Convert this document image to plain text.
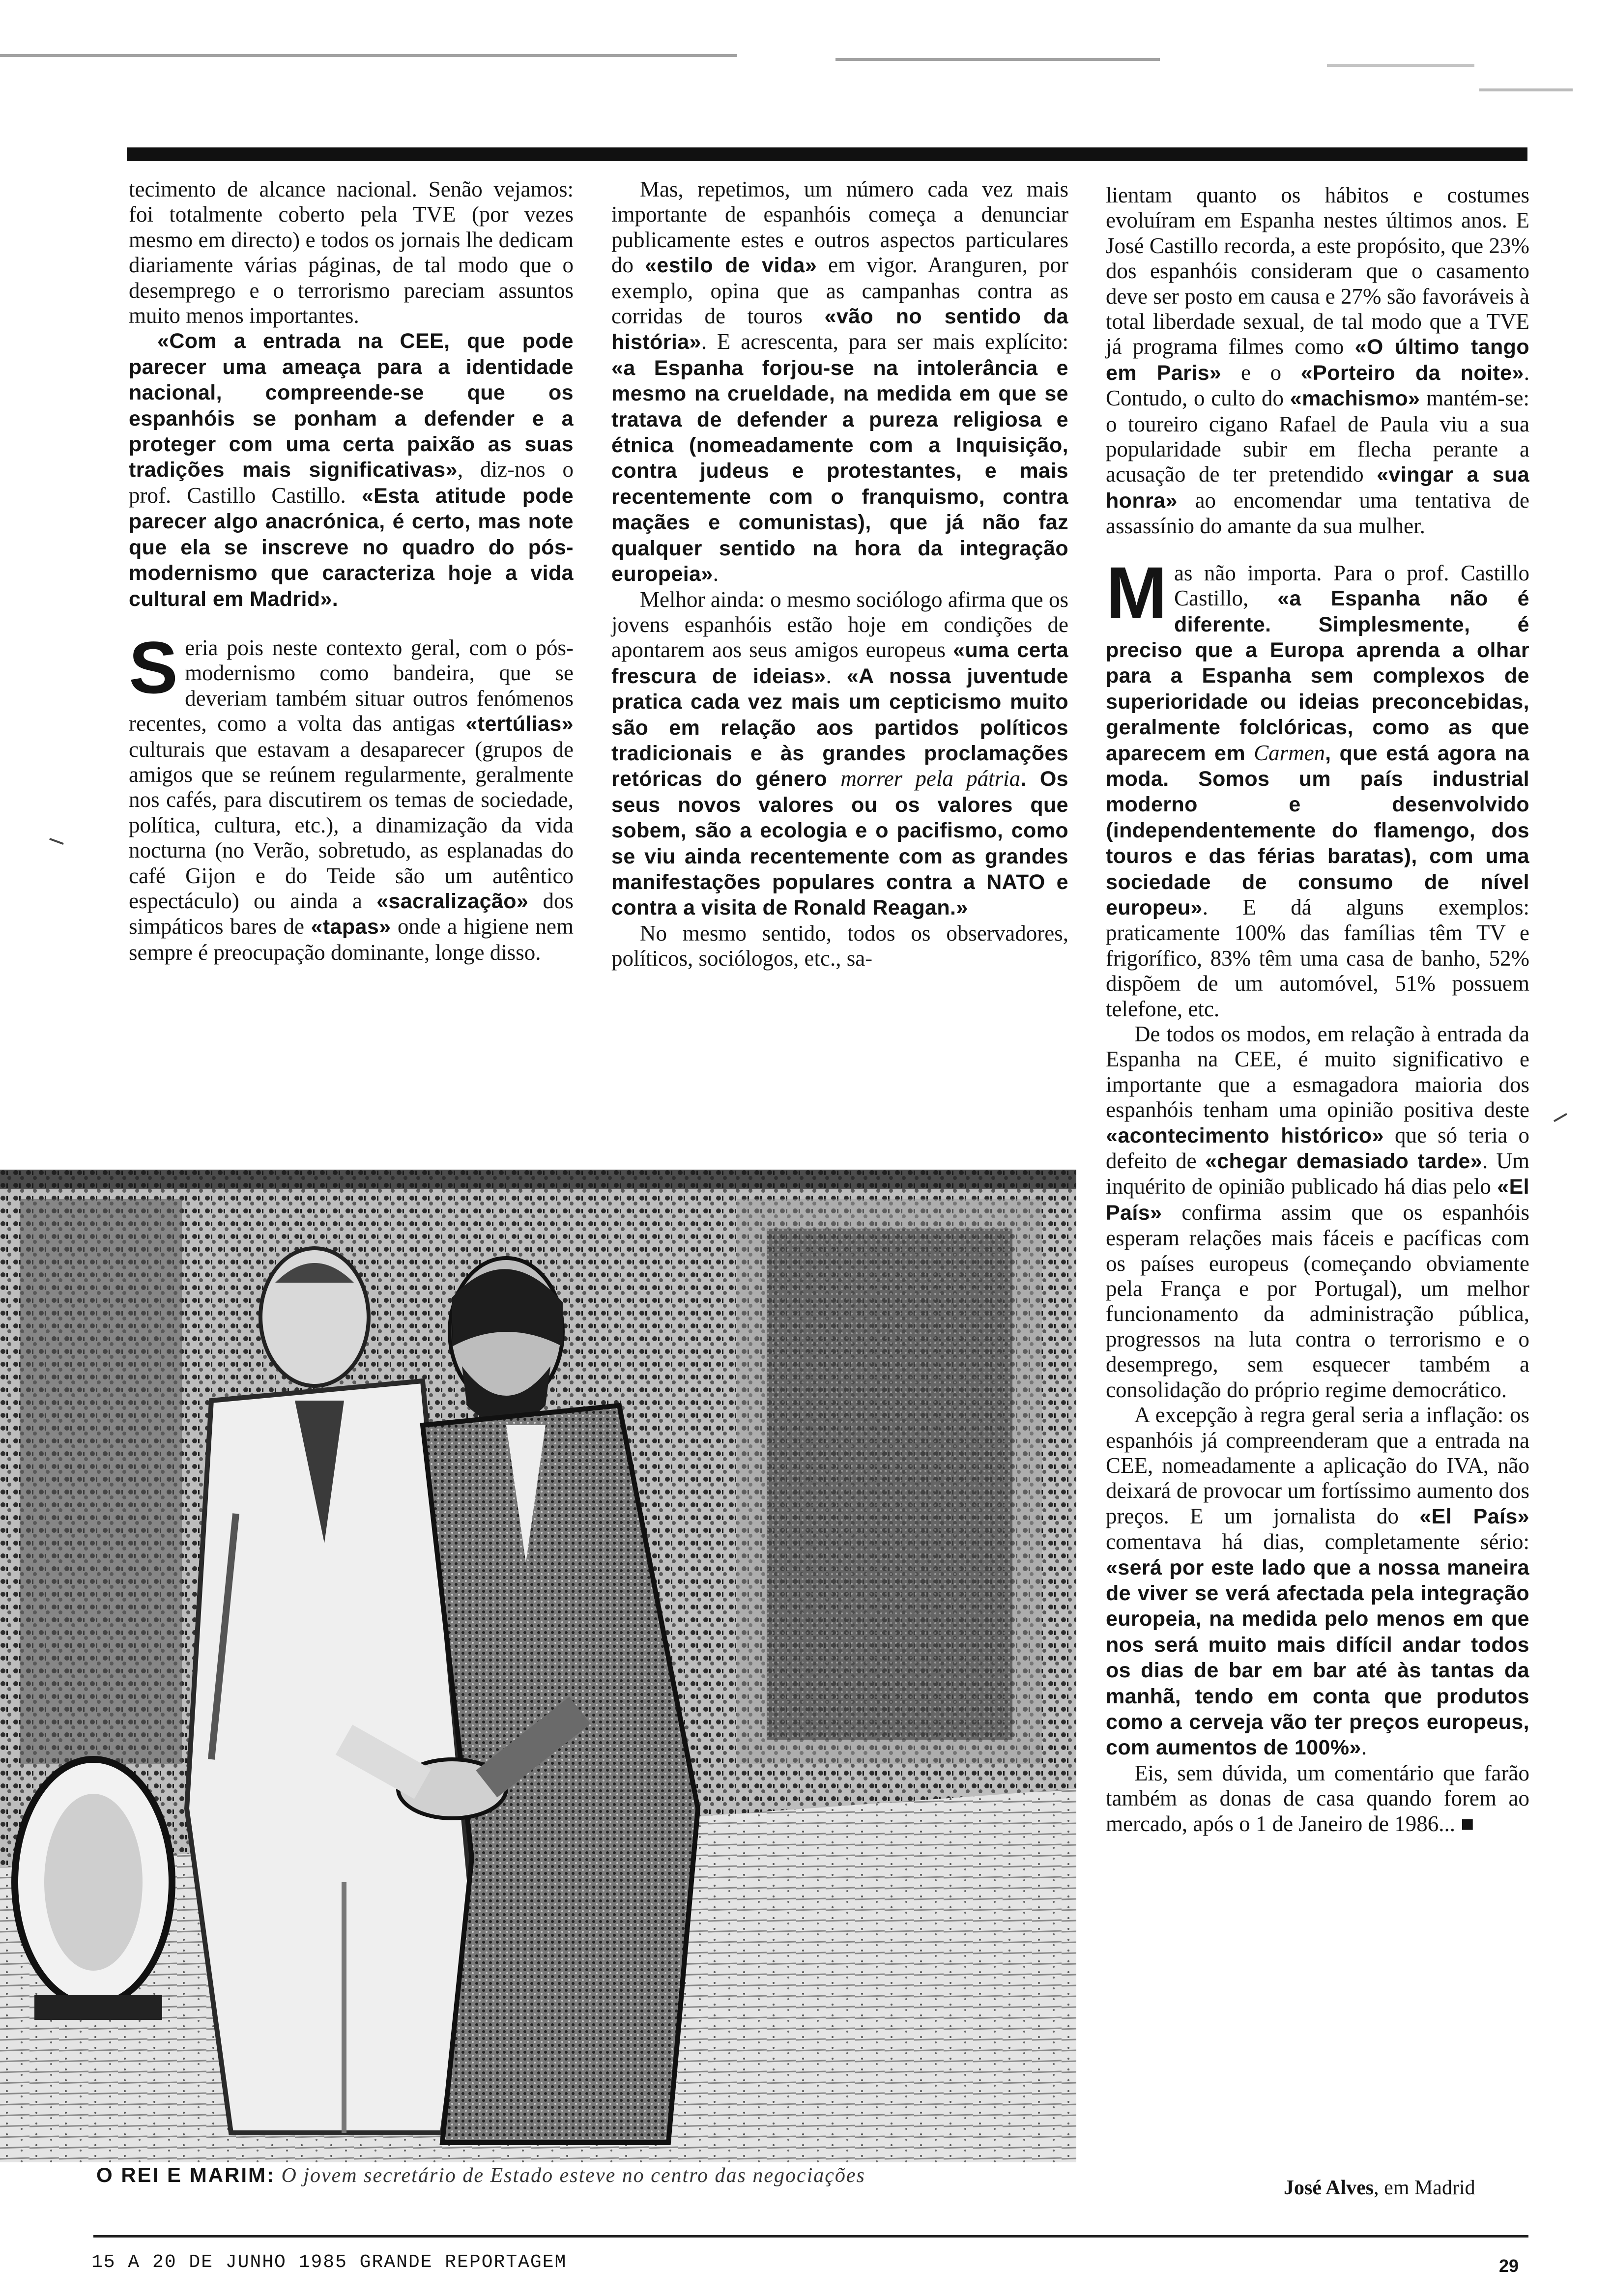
tecimento de alcance nacional. Senão vejamos: foi totalmente coberto pela TVE (por vezes mesmo em directo) e todos os jornais lhe dedicam diariamente várias páginas, de tal modo que o desemprego e o terrorismo pareciam assuntos muito menos importantes.

«Com a entrada na CEE, que pode parecer uma ameaça para a identidade nacional, compreende-se que os espanhóis se ponham a defender e a proteger com uma certa paixão as suas tradições mais significativas», diz-nos o prof. Castillo Castillo. «Esta atitude pode parecer algo anacrónica, é certo, mas note que ela se inscreve no quadro do pós-modernismo que caracteriza hoje a vida cultural em Madrid».

Seria pois neste contexto geral, com o pós-modernismo como bandeira, que se deveriam também situar outros fenómenos recentes, como a volta das antigas «tertúlias» culturais que estavam a desaparecer (grupos de amigos que se reúnem regularmente, geralmente nos cafés, para discutirem os temas de sociedade, política, cultura, etc.), a dinamização da vida nocturna (no Verão, sobretudo, as esplanadas do café Gijon e do Teide são um autêntico espectáculo) ou ainda a «sacralização» dos simpáticos bares de «tapas» onde a higiene nem sempre é preocupação dominante, longe disso.

Mas, repetimos, um número cada vez mais importante de espanhóis começa a denunciar publicamente estes e outros aspectos particulares do «estilo de vida» em vigor. Aranguren, por exemplo, opina que as campanhas contra as corridas de touros «vão no sentido da história». E acrescenta, para ser mais explícito: «a Espanha forjou-se na intolerância e mesmo na crueldade, na medida em que se tratava de defender a pureza religiosa e étnica (nomeadamente com a Inquisição, contra judeus e protestantes, e mais recentemente com o franquismo, contra maçães e comunistas), que já não faz qualquer sentido na hora da integração europeia».

Melhor ainda: o mesmo sociólogo afirma que os jovens espanhóis estão hoje em condições de apontarem aos seus amigos europeus «uma certa frescura de ideias». «A nossa juventude pratica cada vez mais um cepticismo muito são em relação aos partidos políticos tradicionais e às grandes proclamações retóricas do género morrer pela pátria. Os seus novos valores ou os valores que sobem, são a ecologia e o pacifismo, como se viu ainda recentemente com as grandes manifestações populares contra a NATO e contra a visita de Ronald Reagan.»

No mesmo sentido, todos os observadores, políticos, sociólogos, etc., sa-

lientam quanto os hábitos e costumes evoluíram em Espanha nestes últimos anos. E José Castillo recorda, a este propósito, que 23% dos espanhóis consideram que o casamento deve ser posto em causa e 27% são favoráveis à total liberdade sexual, de tal modo que a TVE já programa filmes como «O último tango em Paris» e o «Porteiro da noite». Contudo, o culto do «machismo» mantém-se: o toureiro cigano Rafael de Paula viu a sua popularidade subir em flecha perante a acusação de ter pretendido «vingar a sua honra» ao encomendar uma tentativa de assassínio do amante da sua mulher.

Mas não importa. Para o prof. Castillo Castillo, «a Espanha não é diferente. Simplesmente, é preciso que a Europa aprenda a olhar para a Espanha sem complexos de superioridade ou ideias preconcebidas, geralmente folclóricas, como as que aparecem em Carmen, que está agora na moda. Somos um país industrial moderno e desenvolvido (independentemente do flamengo, dos touros e das férias baratas), com uma sociedade de consumo de nível europeu». E dá alguns exemplos: praticamente 100% das famílias têm TV e frigorífico, 83% têm uma casa de banho, 52% dispõem de um automóvel, 51% possuem telefone, etc.

De todos os modos, em relação à entrada da Espanha na CEE, é muito significativo e importante que a esmagadora maioria dos espanhóis tenham uma opinião positiva deste «acontecimento histórico» que só teria o defeito de «chegar demasiado tarde». Um inquérito de opinião publicado há dias pelo «El País» confirma assim que os espanhóis esperam relações mais fáceis e pacíficas com os países europeus (começando obviamente pela França e por Portugal), um melhor funcionamento da administração pública, progressos na luta contra o terrorismo e o desemprego, sem esquecer também a consolidação do próprio regime democrático.

A excepção à regra geral seria a inflação: os espanhóis já compreenderam que a entrada na CEE, nomeadamente a aplicação do IVA, não deixará de provocar um fortíssimo aumento dos preços. E um jornalista do «El País» comentava há dias, completamente sério: «será por este lado que a nossa maneira de viver se verá afectada pela integração europeia, na medida pelo menos em que nos será muito mais difícil andar todos os dias de bar em bar até às tantas da manhã, tendo em conta que produtos como a cerveja vão ter preços europeus, com aumentos de 100%».

Eis, sem dúvida, um comentário que farão também as donas de casa quando forem ao mercado, após o 1 de Janeiro de 1986... ■

O REI E MARIM: O jovem secretário de Estado esteve no centro das negociações
José Alves, em Madrid
15 A 20 DE JUNHO 1985 GRANDE REPORTAGEM	29
